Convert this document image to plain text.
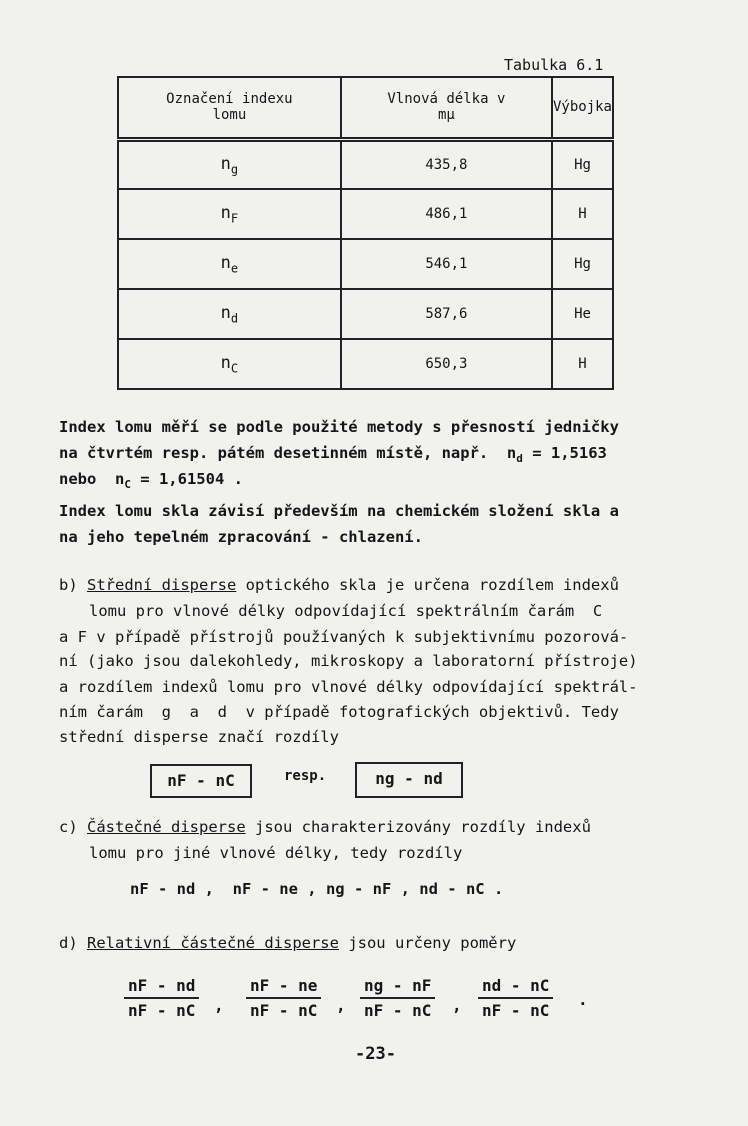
Tabulka 6.1
Označení indexu lomu	Vlnová délka v mμ	Výbojka
$n_g$	435,8	Hg
$n_F$	486,1	H
$n_e$	546,1	Hg
$n_d$	587,6	He
$n_C$	650,3	H
Index lomu měří se podle použité metody s přesností jedničky
na čtvrtém resp. pátém desetinném místě, např.  $n_d = 1,5163$
nebo  $n_C = 1,61504$ .
Index lomu skla závisí především na chemickém složení skla a
na jeho tepelném zpracování - chlazení.
b) Střední disperse optického skla je určena rozdílem indexů
lomu pro vlnové délky odpovídající spektrálním čarám  C
a F v případě přístrojů používaných k subjektivnímu pozorová-
ní (jako jsou dalekohledy, mikroskopy a laboratorní přístroje)
a rozdílem indexů lomu pro vlnové délky odpovídající spektrál-
ním čarám  g  a  d  v případě fotografických objektivů. Tedy
střední disperse značí rozdíly
nF - nC	resp.	ng - nd
c) Částečné disperse jsou charakterizovány rozdíly indexů
lomu pro jiné vlnové délky, tedy rozdíly
nF - nd ,  nF - ne , ng - nF , nd - nC .
d) Relativní částečné disperse jsou určeny poměry
$\frac{nF - nd}{nF - nC}$ , $\frac{nF - ne}{nF - nC}$ , $\frac{ng - nF}{nF - nC}$ , $\frac{nd - nC}{nF - nC}$ .
-23-
